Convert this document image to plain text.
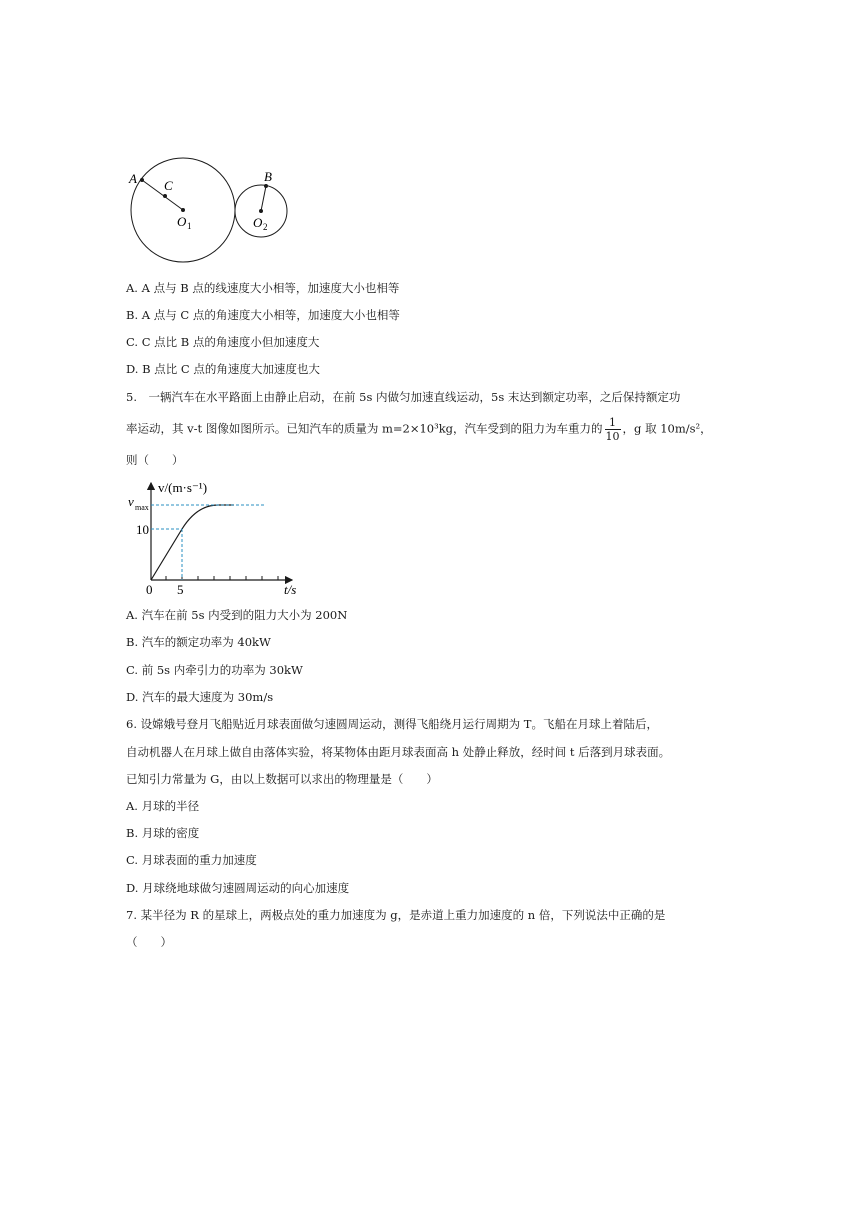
A C
O 1
B
O 2
A. A 点与 B 点的线速度大小相等，加速度大小也相等
B. A 点与 C 点的角速度大小相等，加速度大小也相等
C. C 点比 B 点的角速度小但加速度大
D. B 点比 C 点的角速度大加速度也大
5.　一辆汽车在水平路面上由静止启动，在前 5s 内做匀加速直线运动，5s 末达到额定功率，之后保持额定功
率运动，其 v-t 图像如图所示。已知汽车的质量为 m=2×10³kg，汽车受到的阻力为车重力的 $\frac{1}{10}$ ，g 取 10m/s²，
则（　　）
v/(m·s⁻¹)
v max
10
5
0	t/s
A. 汽车在前 5s 内受到的阻力大小为 200N
B. 汽车的额定功率为 40kW
C. 前 5s 内牵引力的功率为 30kW
D. 汽车的最大速度为 30m/s
6. 设嫦娥号登月飞船贴近月球表面做匀速圆周运动，测得飞船绕月运行周期为 T。飞船在月球上着陆后，
自动机器人在月球上做自由落体实验，将某物体由距月球表面高 h 处静止释放，经时间 t 后落到月球表面。
已知引力常量为 G，由以上数据可以求出的物理量是（　　）
A. 月球的半径
B. 月球的密度
C. 月球表面的重力加速度
D. 月球绕地球做匀速圆周运动的向心加速度
7. 某半径为 R 的星球上，两极点处的重力加速度为 g，是赤道上重力加速度的 n 倍，下列说法中正确的是
（　　）
